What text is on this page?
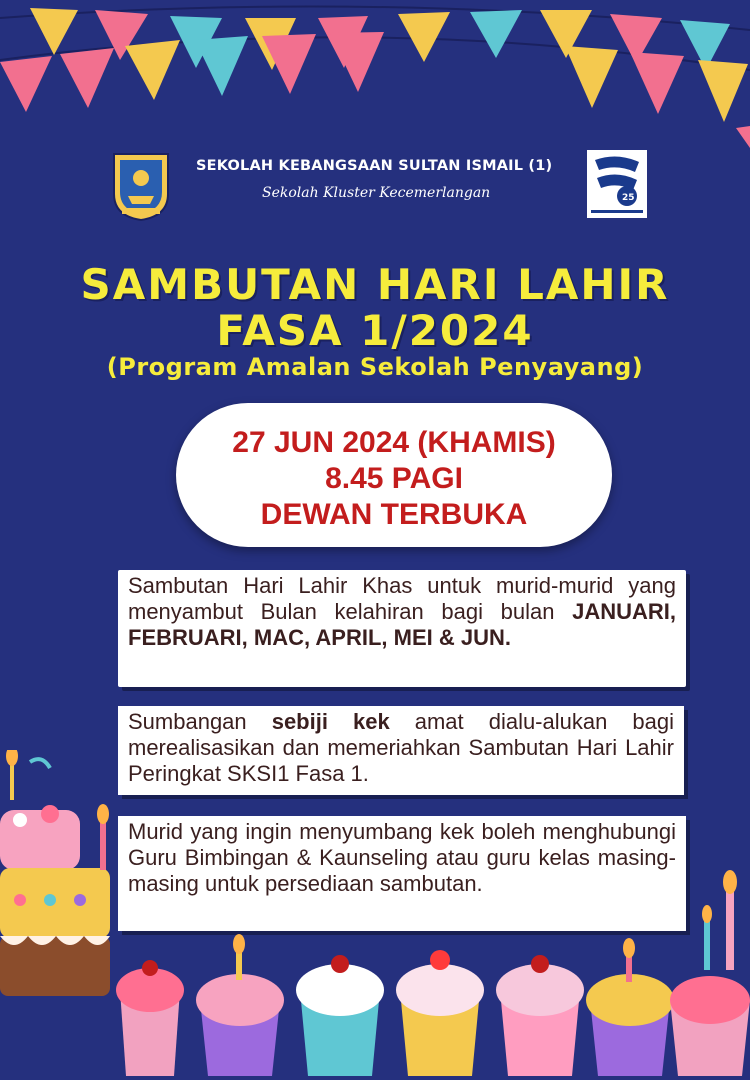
25
SEKOLAH KEBANGSAAN SULTAN ISMAIL (1)
Sekolah Kluster Kecemerlangan
SAMBUTAN HARI LAHIR
FASA 1/2024
(Program Amalan Sekolah Penyayang)
27 JUN 2024 (KHAMIS)
8.45 PAGI
DEWAN TERBUKA

Sambutan Hari Lahir Khas untuk murid-murid yang menyambut Bulan kelahiran bagi bulan JANUARI, FEBRUARI, MAC, APRIL, MEI & JUN.

Sumbangan sebiji kek amat dialu-alukan bagi merealisasikan dan memeriahkan Sambutan Hari Lahir Peringkat SKSI1 Fasa 1.

Murid yang ingin menyumbang kek boleh menghubungi Guru Bimbingan & Kaunseling atau guru kelas masing-masing untuk persediaan sambutan.
